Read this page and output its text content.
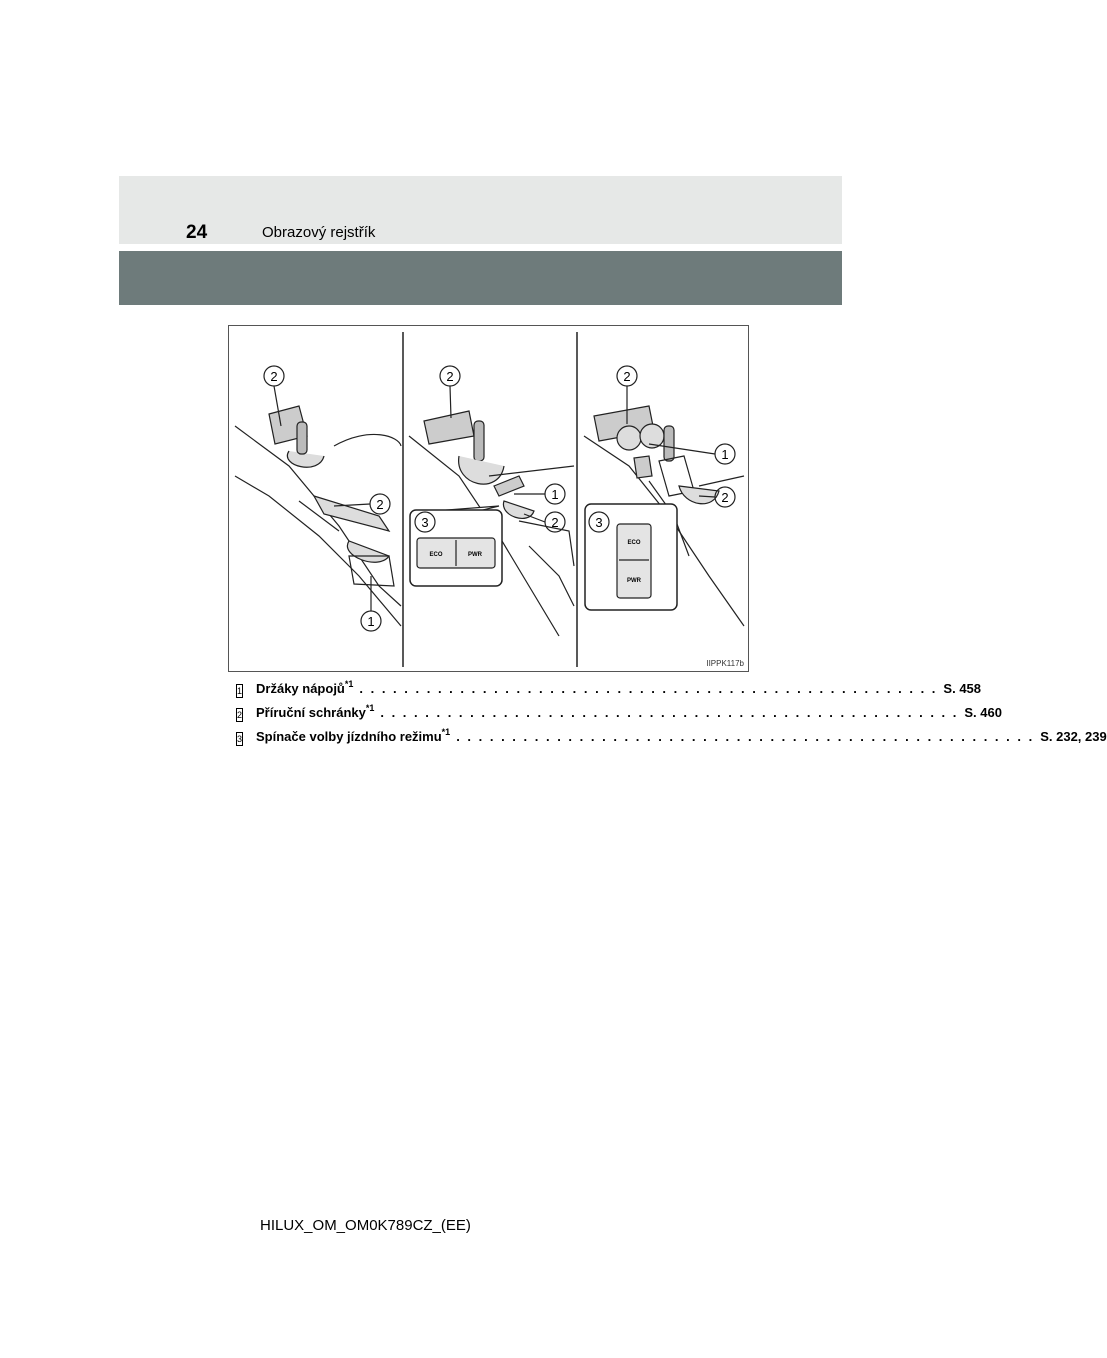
24	Obrazový rejstřík
2
2
1
2
1
2
3
2
1
2
3
ECO	PWR
ECO
PWR
IIPPK117b
1 Držáky nápojů$^{*1}$ . . . . . . . . . . . . . . . . . . . . . . . . . . . . . . . . . . . . . . . . . . . . . . . . . . . . S. 458
2 Příruční schránky$^{*1}$ . . . . . . . . . . . . . . . . . . . . . . . . . . . . . . . . . . . . . . . . . . . . . . . . . . . . S. 460
3 Spínače volby jízdního režimu$^{*1}$ . . . . . . . . . . . . . . . . . . . . . . . . . . . . . . . . . . . . . . . . . . . . . . . . . . . . S. 232, 239
HILUX_OM_OM0K789CZ_(EE)
